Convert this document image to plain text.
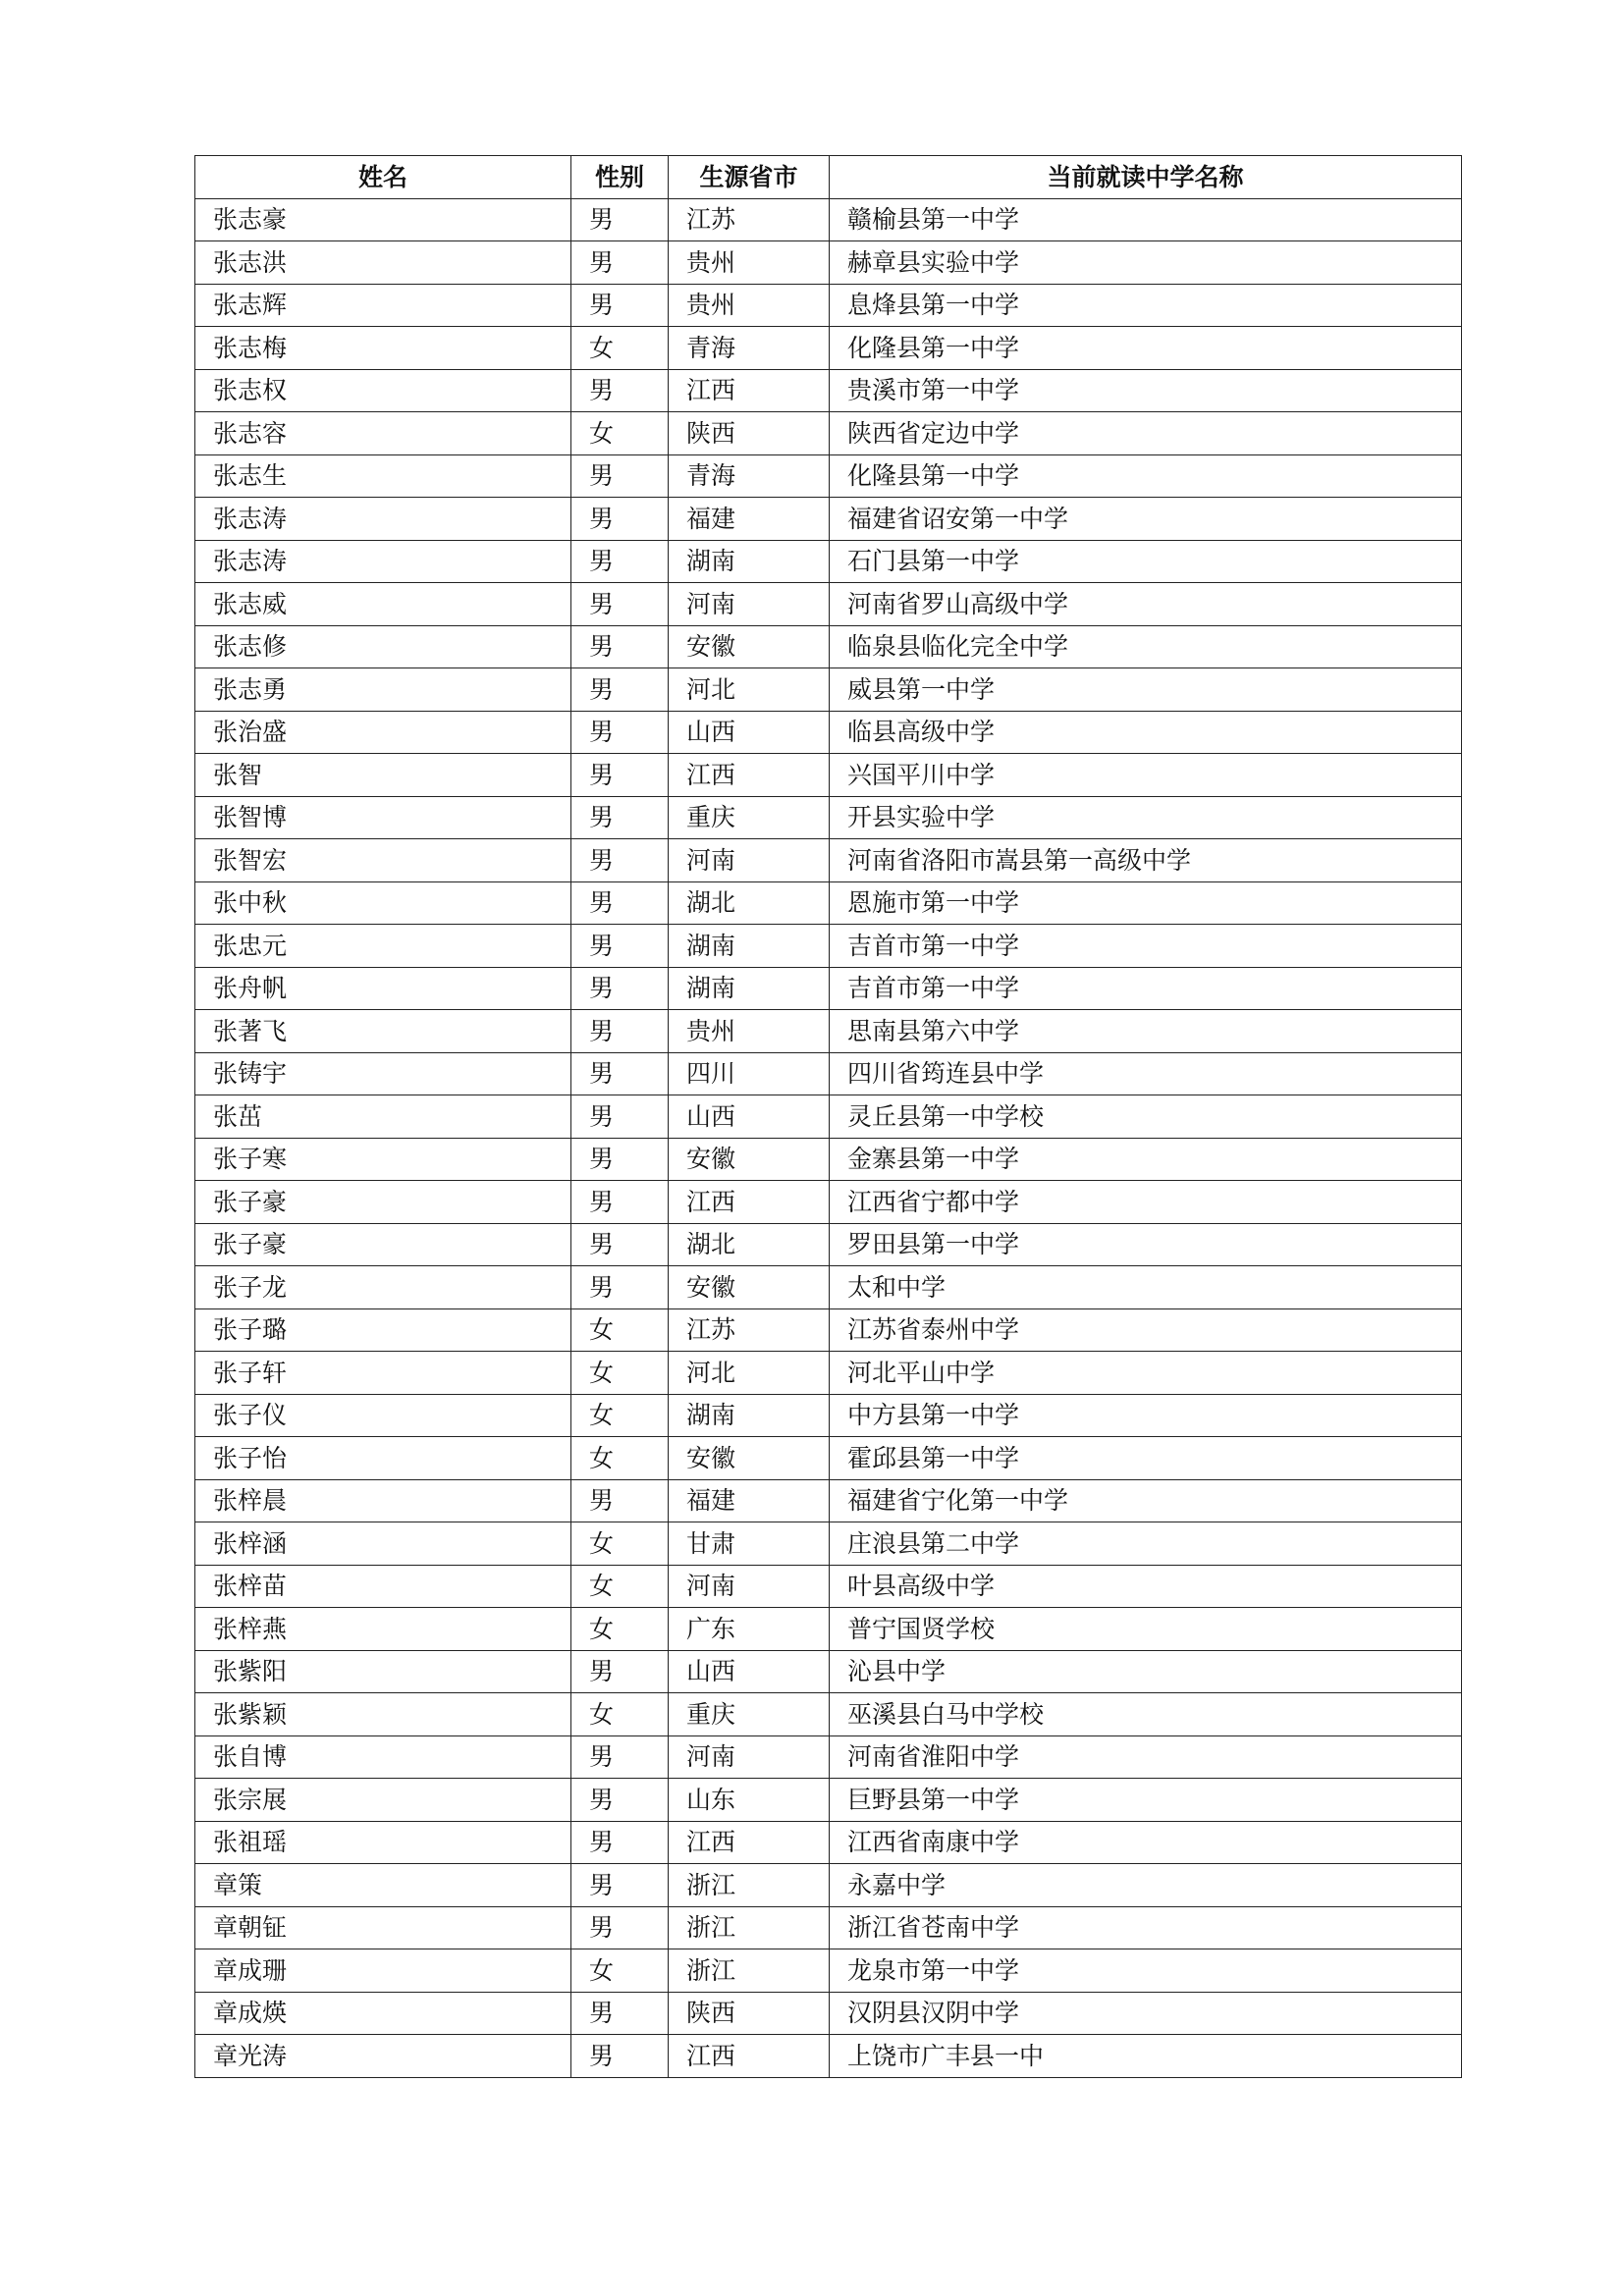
姓名	性别	生源省市	当前就读中学名称
张志豪	男	江苏	赣榆县第一中学
张志洪	男	贵州	赫章县实验中学
张志辉	男	贵州	息烽县第一中学
张志梅	女	青海	化隆县第一中学
张志权	男	江西	贵溪市第一中学
张志容	女	陕西	陕西省定边中学
张志生	男	青海	化隆县第一中学
张志涛	男	福建	福建省诏安第一中学
张志涛	男	湖南	石门县第一中学
张志威	男	河南	河南省罗山高级中学
张志修	男	安徽	临泉县临化完全中学
张志勇	男	河北	威县第一中学
张治盛	男	山西	临县高级中学
张智	男	江西	兴国平川中学
张智博	男	重庆	开县实验中学
张智宏	男	河南	河南省洛阳市嵩县第一高级中学
张中秋	男	湖北	恩施市第一中学
张忠元	男	湖南	吉首市第一中学
张舟帆	男	湖南	吉首市第一中学
张著飞	男	贵州	思南县第六中学
张铸宇	男	四川	四川省筠连县中学
张茁	男	山西	灵丘县第一中学校
张子寒	男	安徽	金寨县第一中学
张子豪	男	江西	江西省宁都中学
张子豪	男	湖北	罗田县第一中学
张子龙	男	安徽	太和中学
张子璐	女	江苏	江苏省泰州中学
张子轩	女	河北	河北平山中学
张子仪	女	湖南	中方县第一中学
张子怡	女	安徽	霍邱县第一中学
张梓晨	男	福建	福建省宁化第一中学
张梓涵	女	甘肃	庄浪县第二中学
张梓苗	女	河南	叶县高级中学
张梓燕	女	广东	普宁国贤学校
张紫阳	男	山西	沁县中学
张紫颖	女	重庆	巫溪县白马中学校
张自博	男	河南	河南省淮阳中学
张宗展	男	山东	巨野县第一中学
张祖瑶	男	江西	江西省南康中学
章策	男	浙江	永嘉中学
章朝钲	男	浙江	浙江省苍南中学
章成珊	女	浙江	龙泉市第一中学
章成煐	男	陕西	汉阴县汉阴中学
章光涛	男	江西	上饶市广丰县一中
